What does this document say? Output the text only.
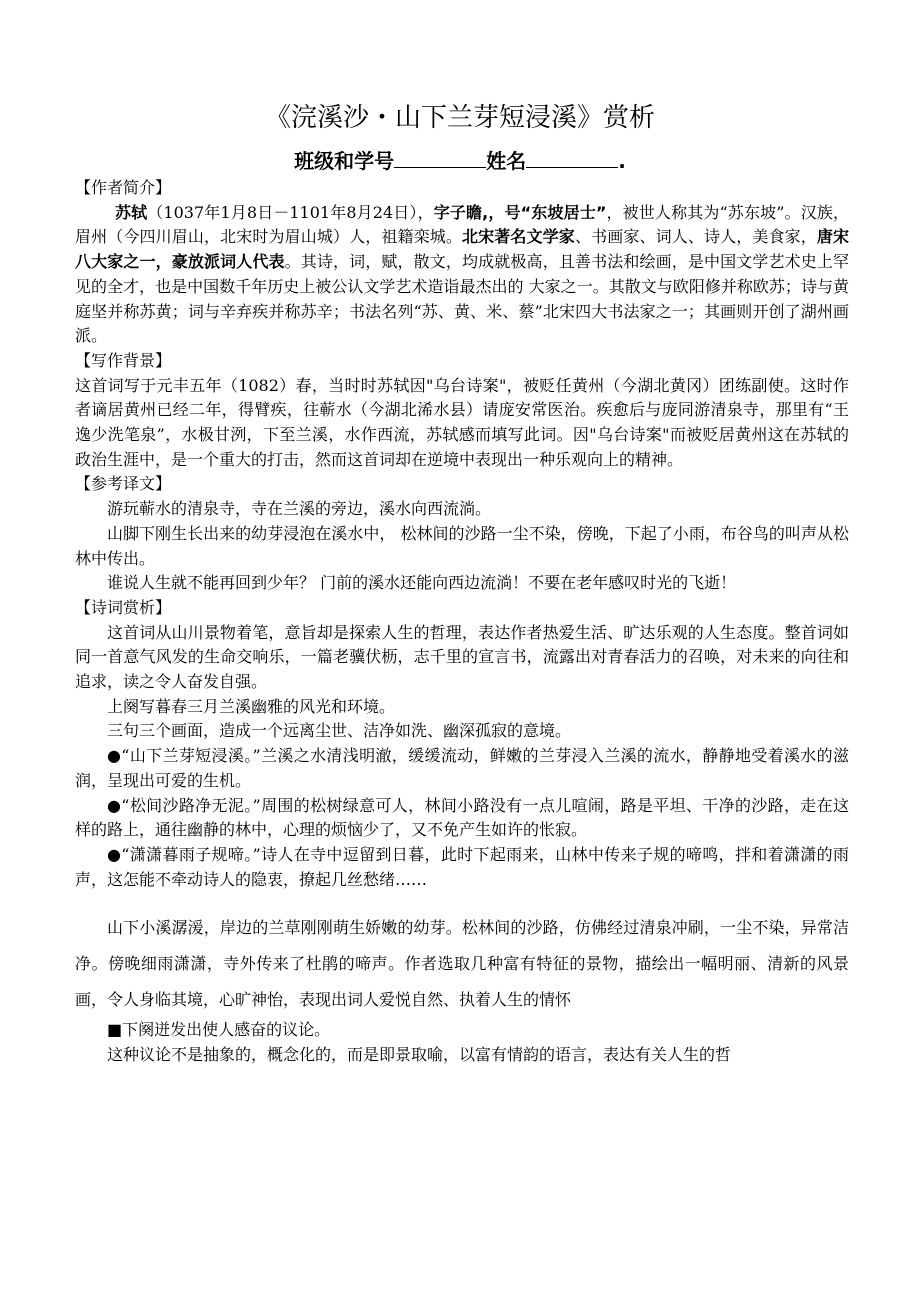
《浣溪沙・山下兰芽短浸溪》赏析
班级和学号	姓名	.

【作者简介】

苏轼（1037年1月8日－1101年8月24日），字子瞻,，号“东坡居士”，被世人称其为“苏东坡”。汉族，眉州（今四川眉山，北宋时为眉山城）人，祖籍栾城。北宋著名文学家、书画家、词人、诗人，美食家，唐宋八大家之一，豪放派词人代表。其诗，词，赋，散文，均成就极高，且善书法和绘画，是中国文学艺术史上罕见的全才，也是中国数千年历史上被公认文学艺术造诣最杰出的 大家之一。其散文与欧阳修并称欧苏；诗与黄庭坚并称苏黄；词与辛弃疾并称苏辛；书法名列“苏、黄、米、蔡”北宋四大书法家之一；其画则开创了湖州画派。

【写作背景】

这首词写于元丰五年（1082）春，当时时苏轼因"乌台诗案"，被贬任黄州（今湖北黄冈）团练副使。这时作者谪居黄州已经二年，得臂疾，往蕲水（今湖北浠水县）请庞安常医治。疾愈后与庞同游清泉寺，那里有“王逸少洗笔泉”，水极甘洌，下至兰溪，水作西流，苏轼感而填写此词。因"乌台诗案"而被贬居黄州这在苏轼的政治生涯中，是一个重大的打击，然而这首词却在逆境中表现出一种乐观向上的精神。

【参考译文】

游玩蕲水的清泉寺，寺在兰溪的旁边，溪水向西流淌。

山脚下刚生长出来的幼芽浸泡在溪水中， 松林间的沙路一尘不染，傍晚，下起了小雨，布谷鸟的叫声从松林中传出。

谁说人生就不能再回到少年？ 门前的溪水还能向西边流淌！不要在老年感叹时光的飞逝！

【诗词赏析】

这首词从山川景物着笔，意旨却是探索人生的哲理，表达作者热爱生活、旷达乐观的人生态度。整首词如同一首意气风发的生命交响乐，一篇老骥伏枥，志千里的宣言书，流露出对青春活力的召唤，对未来的向往和追求，读之令人奋发自强。

上阕写暮春三月兰溪幽雅的风光和环境。

三句三个画面，造成一个远离尘世、洁净如洗、幽深孤寂的意境。

●“山下兰芽短浸溪。”兰溪之水清浅明澈，缓缓流动，鲜嫩的兰芽浸入兰溪的流水，静静地受着溪水的滋润，呈现出可爱的生机。

●“松间沙路净无泥。”周围的松树绿意可人，林间小路没有一点儿喧闹，路是平坦、干净的沙路，走在这样的路上，通往幽静的林中，心理的烦恼少了，又不免产生如许的怅寂。

●“潇潇暮雨子规啼。”诗人在寺中逗留到日暮，此时下起雨来，山林中传来子规的啼鸣，拌和着潇潇的雨声，这怎能不牵动诗人的隐衷，撩起几丝愁绪……

山下小溪潺湲，岸边的兰草刚刚萌生娇嫩的幼芽。松林间的沙路，仿佛经过清泉冲刷，一尘不染，异常洁净。傍晚细雨潇潇，寺外传来了杜鹃的啼声。作者选取几种富有特征的景物，描绘出一幅明丽、清新的风景画，令人身临其境，心旷神怡，表现出词人爱悦自然、执着人生的情怀

■下阕迸发出使人感奋的议论。

这种议论不是抽象的，概念化的，而是即景取喻，以富有情韵的语言，表达有关人生的哲
